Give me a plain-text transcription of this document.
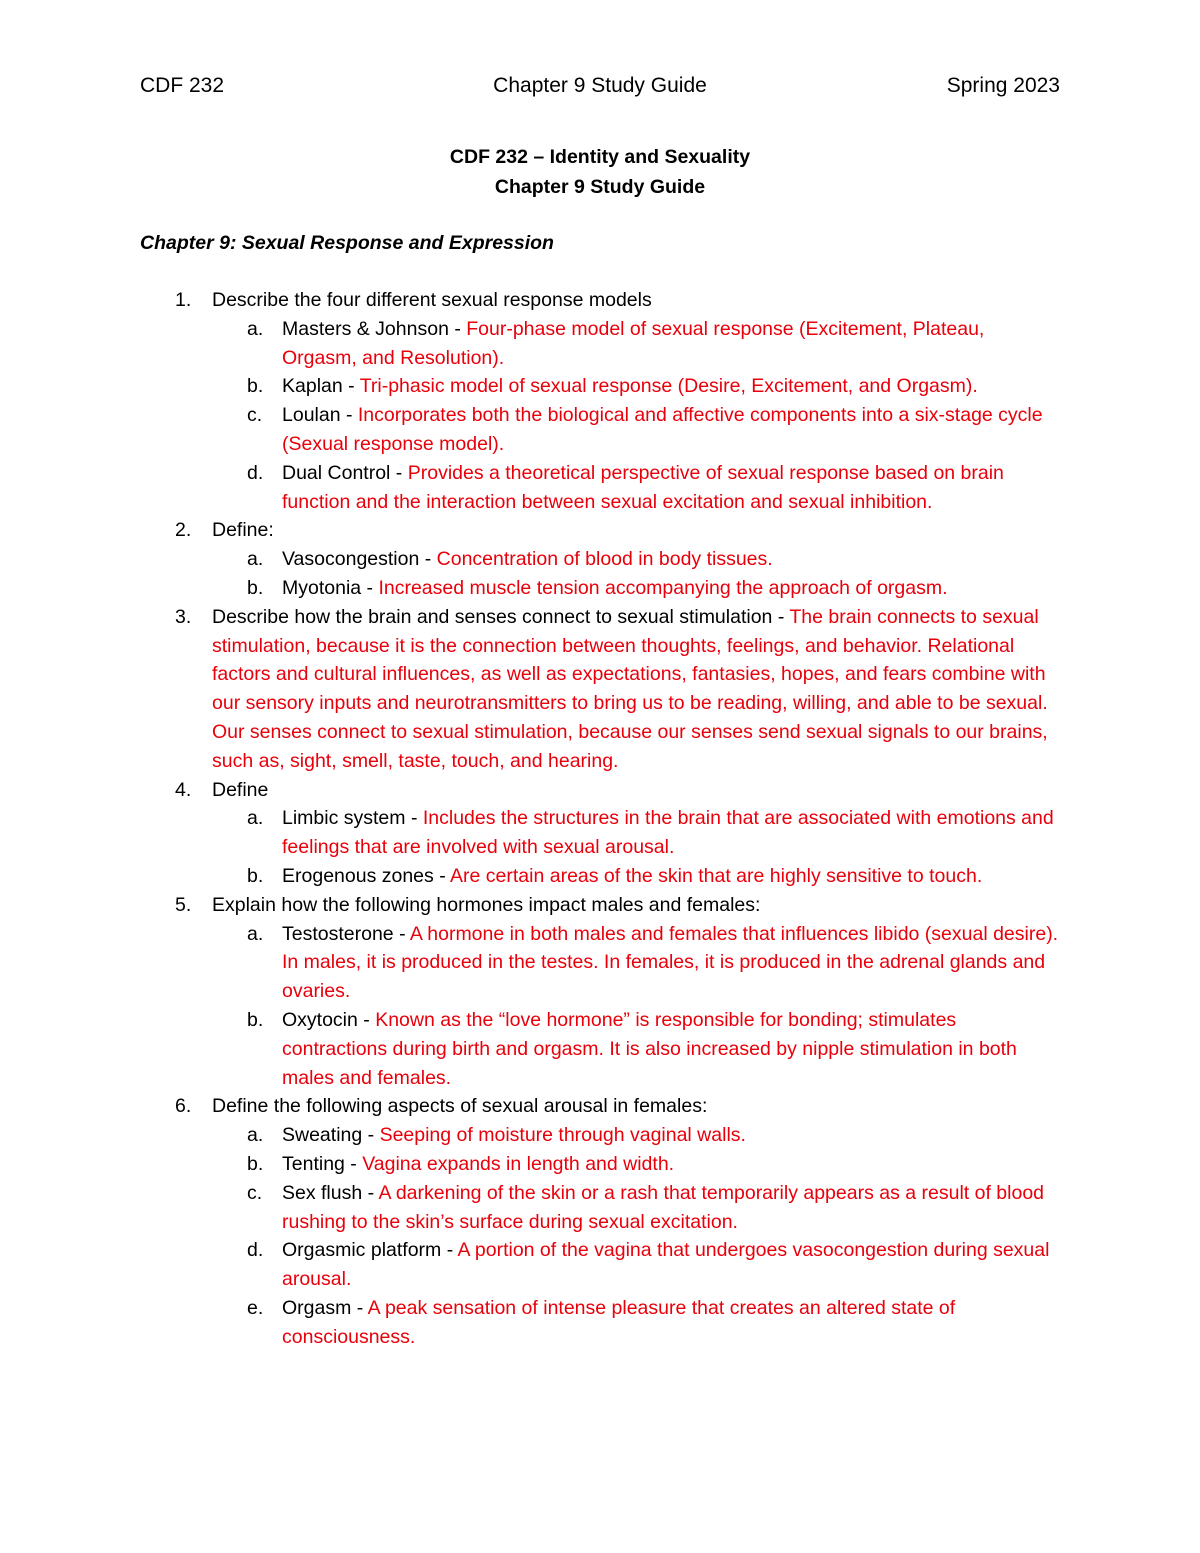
CDF 232	Chapter 9 Study Guide	Spring 2023
CDF 232 – Identity and Sexuality
Chapter 9 Study Guide
Chapter 9: Sexual Response and Expression
1. Describe the four different sexual response models
a. Masters & Johnson - Four-phase model of sexual response (Excitement, Plateau, Orgasm, and Resolution).
b. Kaplan - Tri-phasic model of sexual response (Desire, Excitement, and Orgasm).
c. Loulan - Incorporates both the biological and affective components into a six-stage cycle (Sexual response model).
d. Dual Control - Provides a theoretical perspective of sexual response based on brain function and the interaction between sexual excitation and sexual inhibition.
2. Define:
a. Vasocongestion - Concentration of blood in body tissues.
b. Myotonia - Increased muscle tension accompanying the approach of orgasm.
3. Describe how the brain and senses connect to sexual stimulation - The brain connects to sexual stimulation, because it is the connection between thoughts, feelings, and behavior. Relational factors and cultural influences, as well as expectations, fantasies, hopes, and fears combine with our sensory inputs and neurotransmitters to bring us to be reading, willing, and able to be sexual. Our senses connect to sexual stimulation, because our senses send sexual signals to our brains, such as, sight, smell, taste, touch, and hearing.
4. Define
a. Limbic system - Includes the structures in the brain that are associated with emotions and feelings that are involved with sexual arousal.
b. Erogenous zones - Are certain areas of the skin that are highly sensitive to touch.
5. Explain how the following hormones impact males and females:
a. Testosterone - A hormone in both males and females that influences libido (sexual desire). In males, it is produced in the testes. In females, it is produced in the adrenal glands and ovaries.
b. Oxytocin - Known as the “love hormone” is responsible for bonding; stimulates contractions during birth and orgasm. It is also increased by nipple stimulation in both males and females.
6. Define the following aspects of sexual arousal in females:
a. Sweating - Seeping of moisture through vaginal walls.
b. Tenting - Vagina expands in length and width.
c. Sex flush - A darkening of the skin or a rash that temporarily appears as a result of blood rushing to the skin’s surface during sexual excitation.
d. Orgasmic platform - A portion of the vagina that undergoes vasocongestion during sexual arousal.
e. Orgasm - A peak sensation of intense pleasure that creates an altered state of consciousness.
